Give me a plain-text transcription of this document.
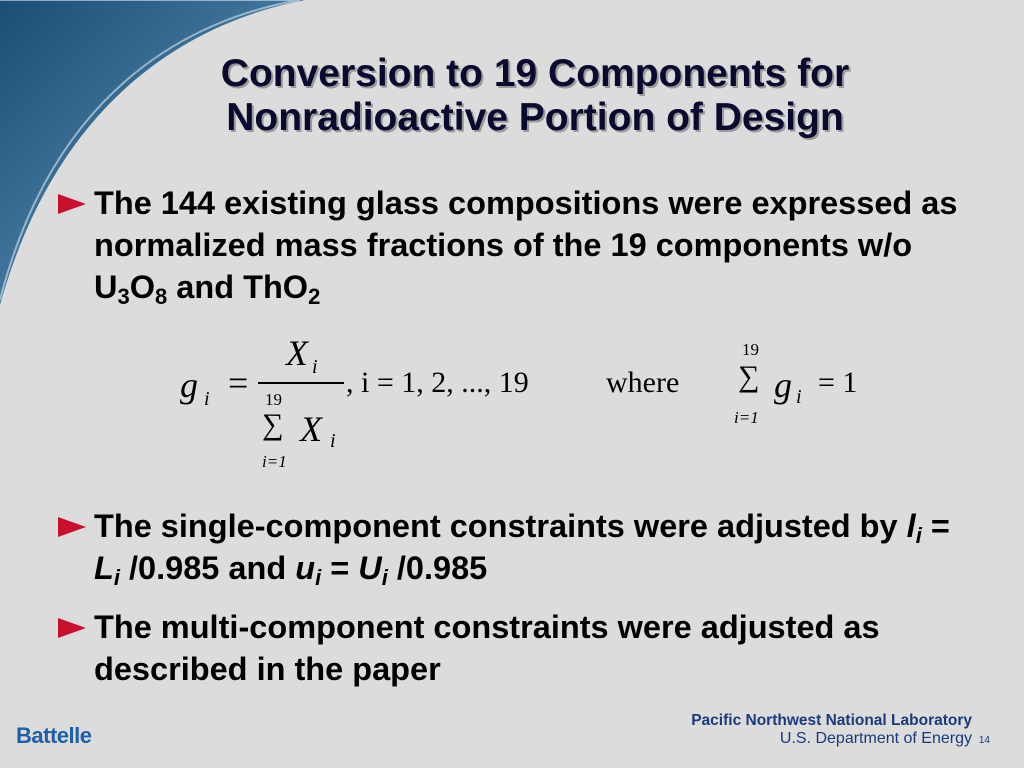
Conversion to 19 Components for
Nonradioactive Portion of Design
The 144 existing glass compositions were expressed as normalized mass fractions of the 19 components w/o $U_3O_8$ and ThO$_2$
g i =
X i
19
∑ X i
i=1
, i = 1, 2, ..., 19	where
19
∑ g i = 1
i=1
The single-component constraints were adjusted by $l_i = L_i$ /0.985 and $u_i = U_i$ /0.985
The multi-component constraints were adjusted as described in the paper
Battelle
Pacific Northwest National Laboratory
U.S. Department of Energy 14
